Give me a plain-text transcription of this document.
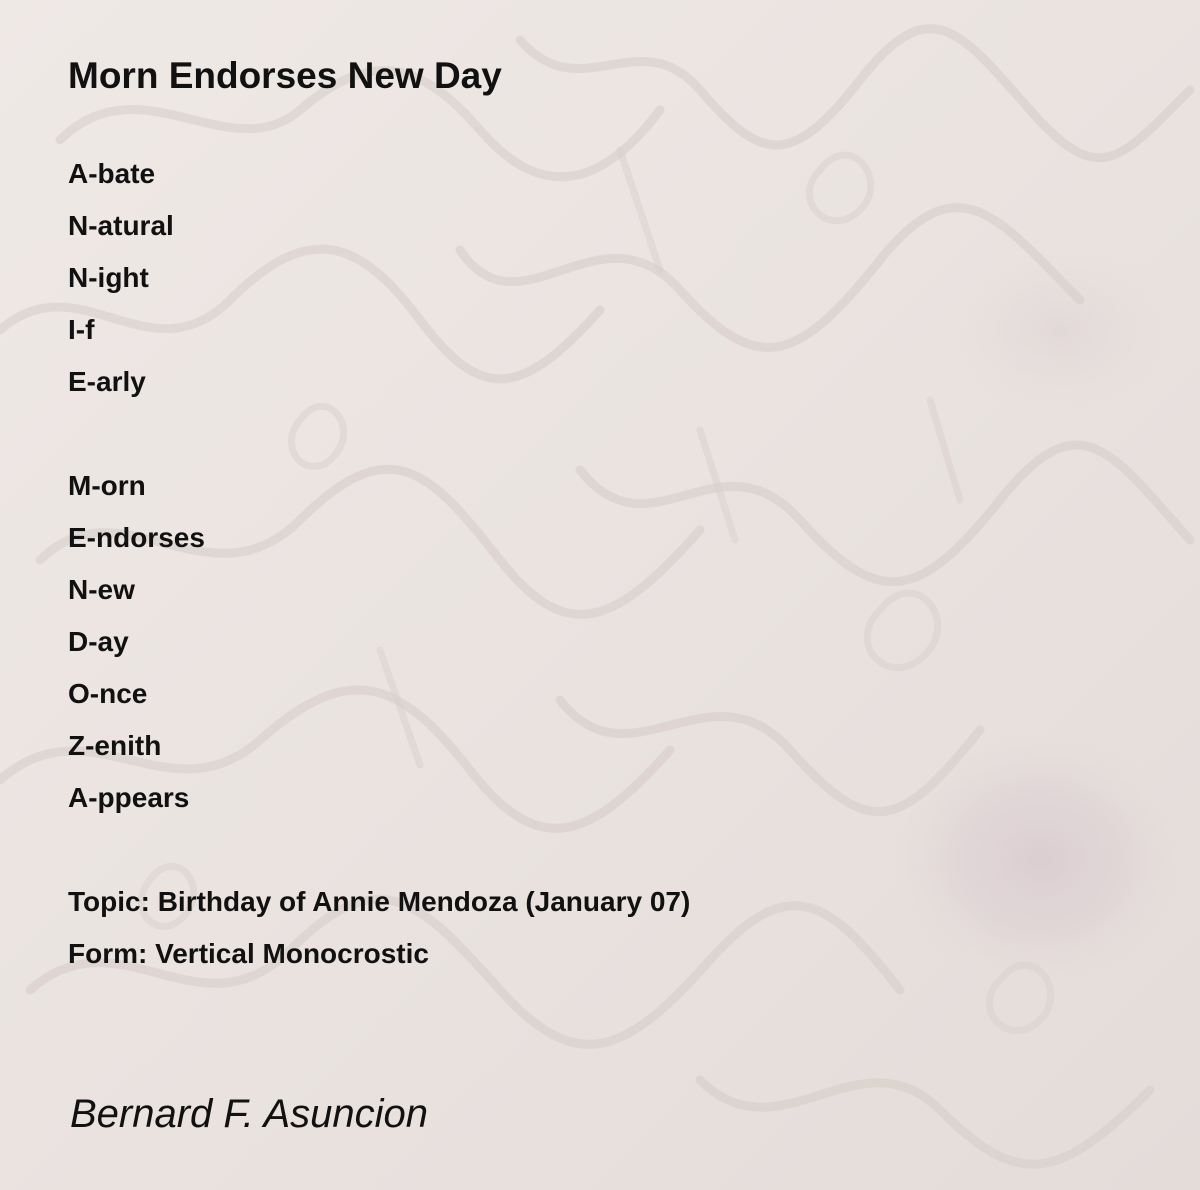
Morn Endorses New Day
A-bate
N-atural
N-ight
I-f
E-arly
M-orn
E-ndorses
N-ew
D-ay
O-nce
Z-enith
A-ppears
Topic: Birthday of Annie Mendoza (January 07)
Form: Vertical Monocrostic

Bernard F. Asuncion
